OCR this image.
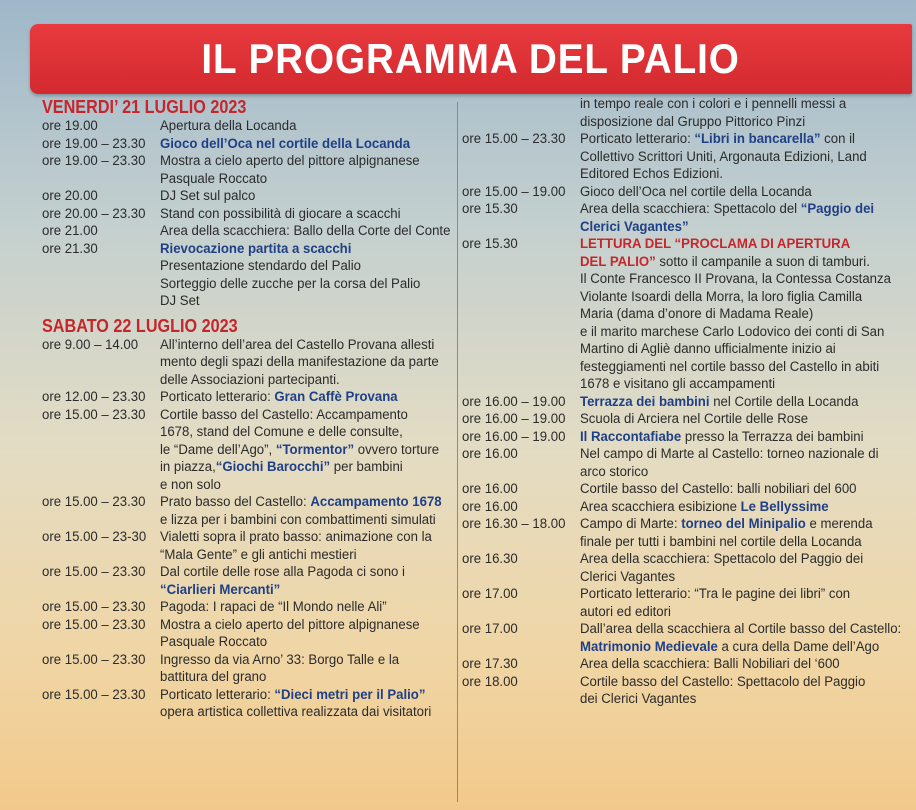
IL PROGRAMMA DEL PALIO
VENERDI’ 21 LUGLIO 2023
ore 19.00	Apertura della Locanda
ore 19.00 – 23.30	Gioco dell’Oca nel cortile della Locanda
ore 19.00 – 23.30	Mostra a cielo aperto del pittore alpignanese
Pasquale Roccato
ore 20.00	DJ Set sul palco
ore 20.00 – 23.30	Stand con possibilità di giocare a scacchi
ore 21.00	Area della scacchiera: Ballo della Corte del Conte
ore 21.30	Rievocazione partita a scacchi
Presentazione stendardo del Palio
Sorteggio delle zucche per la corsa del Palio
DJ Set
SABATO 22 LUGLIO 2023
ore 9.00 – 14.00	All’interno dell’area del Castello Provana allesti
mento degli spazi della manifestazione da parte
delle Associazioni partecipanti.
ore 12.00 – 23.30	Porticato letterario: Gran Caffè Provana
ore 15.00 – 23.30	Cortile basso del Castello: Accampamento
1678, stand del Comune e delle consulte,
le “Dame dell’Ago”, “Tormentor” ovvero torture
in piazza,“Giochi Barocchi” per bambini
e non solo
ore 15.00 – 23.30	Prato basso del Castello: Accampamento 1678
e lizza per i bambini con combattimenti simulati
ore 15.00 – 23-30 Vialetti sopra il prato basso: animazione con la
“Mala Gente” e gli antichi mestieri
ore 15.00 – 23.30	Dal cortile delle rose alla Pagoda ci sono i
“Ciarlieri Mercanti”
ore 15.00 – 23.30	Pagoda: I rapaci de “Il Mondo nelle Ali”
ore 15.00 – 23.30	Mostra a cielo aperto del pittore alpignanese
Pasquale Roccato
ore 15.00 – 23.30	Ingresso da via Arno’ 33: Borgo Talle e la
battitura del grano
ore 15.00 – 23.30	Porticato letterario: “Dieci metri per il Palio”
opera artistica collettiva realizzata dai visitatori
in tempo reale con i colori e i pennelli messi a
disposizione dal Gruppo Pittorico Pinzi
ore 15.00 – 23.30	Porticato letterario: “Libri in bancarella” con il
Collettivo Scrittori Uniti, Argonauta Edizioni, Land
Editored Echos Edizioni.
ore 15.00 – 19.00	Gioco dell’Oca nel cortile della Locanda
ore 15.30	Area della scacchiera: Spettacolo del “Paggio dei
Clerici Vagantes”
ore 15.30	LETTURA DEL “PROCLAMA DI APERTURA
DEL PALIO” sotto il campanile a suon di tamburi.
Il Conte Francesco II Provana, la Contessa Costanza
Violante Isoardi della Morra, la loro figlia Camilla
Maria (dama d’onore di Madama Reale)
e il marito marchese Carlo Lodovico dei conti di San
Martino di Agliè danno ufficialmente inizio ai
festeggiamenti nel cortile basso del Castello in abiti
1678 e visitano gli accampamenti
ore 16.00 – 19.00	Terrazza dei bambini nel Cortile della Locanda
ore 16.00 – 19.00	Scuola di Arciera nel Cortile delle Rose
ore 16.00 – 19.00	Il Raccontafiabe presso la Terrazza dei bambini
ore 16.00	Nel campo di Marte al Castello: torneo nazionale di
arco storico
ore 16.00	Cortile basso del Castello: balli nobiliari del 600
ore 16.00	Area scacchiera esibizione Le Bellyssime
ore 16.30 – 18.00	Campo di Marte: torneo del Minipalio e merenda
finale per tutti i bambini nel cortile della Locanda
ore 16.30	Area della scacchiera: Spettacolo del Paggio dei
Clerici Vagantes
ore 17.00	Porticato letterario: “Tra le pagine dei libri” con
autori ed editori
ore 17.00	Dall’area della scacchiera al Cortile basso del Castello:
Matrimonio Medievale a cura della Dame dell’Ago
ore 17.30	Area della scacchiera: Balli Nobiliari del ‘600
ore 18.00	Cortile basso del Castello: Spettacolo del Paggio
dei Clerici Vagantes
